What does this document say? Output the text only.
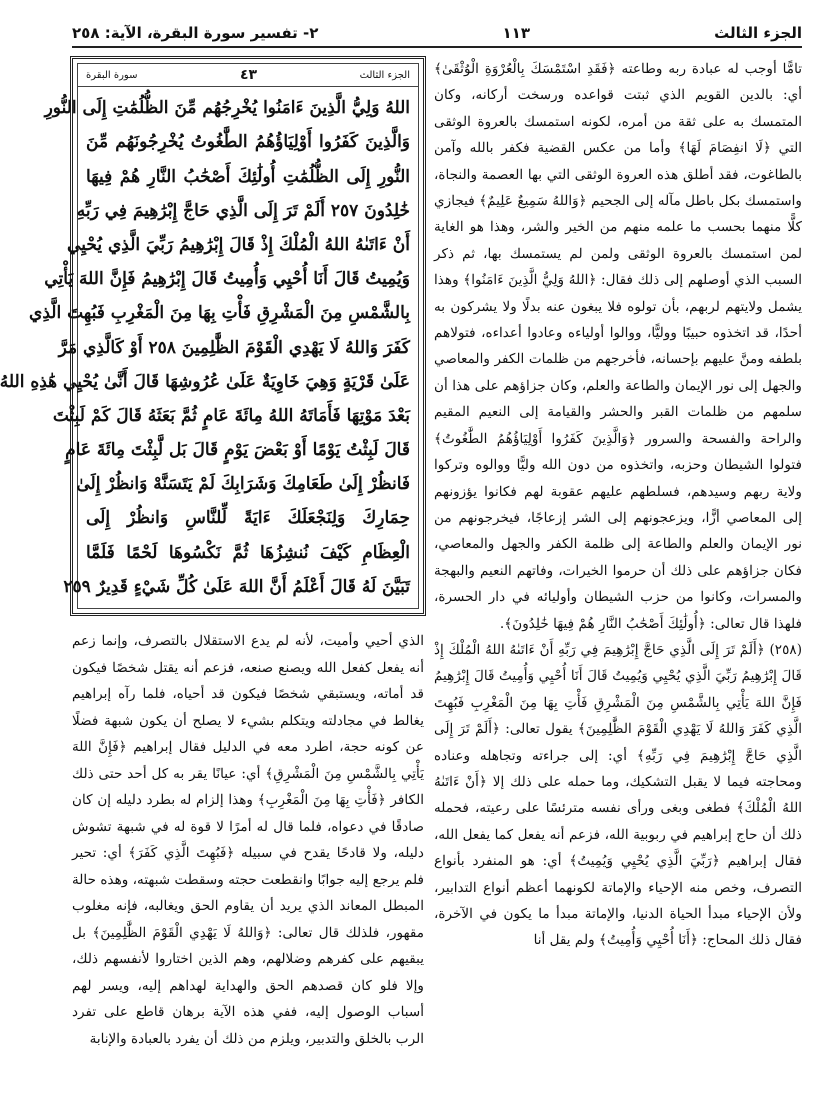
الجزء الثالث
١١٣
٢- تفسير سورة البقرة، الآية: ٢٥٨

تامًّا أوجب له عبادة ربه وطاعته ﴿فَقَدِ اسْتَمْسَكَ بِالْعُرْوَةِ الْوُثْقَىٰ﴾ أي: بالدين القويم الذي ثبتت قواعده ورسخت أركانه، وكان المتمسك به على ثقة من أمره، لكونه استمسك بالعروة الوثقى التي ﴿لَا انفِصَامَ لَهَا﴾ وأما من عكس القضية فكفر بالله وآمن بالطاغوت، فقد أطلق هذه العروة الوثقى التي بها العصمة والنجاة، واستمسك بكل باطل مآله إلى الجحيم ﴿وَاللهُ سَمِيعٌ عَلِيمٌ﴾ فيجازي كلًّا منهما بحسب ما علمه منهم من الخير والشر، وهذا هو الغاية لمن استمسك بالعروة الوثقى ولمن لم يستمسك بها، ثم ذكر السبب الذي أوصلهم إلى ذلك فقال: ﴿اللهُ وَلِيُّ الَّذِينَ ءَامَنُوا﴾ وهذا يشمل ولايتهم لربهم، بأن تولوه فلا يبغون عنه بدلًا ولا يشركون به أحدًا، قد اتخذوه حبيبًا ووليًّا، ووالوا أولياءه وعادوا أعداءه، فتولاهم بلطفه ومنَّ عليهم بإحسانه، فأخرجهم من ظلمات الكفر والمعاصي والجهل إلى نور الإيمان والطاعة والعلم، وكان جزاؤهم على هذا أن سلمهم من ظلمات القبر والحشر والقيامة إلى النعيم المقيم والراحة والفسحة والسرور ﴿وَالَّذِينَ كَفَرُوا أَوْلِيَاؤُهُمُ الطَّٰغُوتُ﴾ فتولوا الشيطان وحزبه، واتخذوه من دون الله وليًّا ووالوه وتركوا ولاية ربهم وسيدهم، فسلطهم عليهم عقوبة لهم فكانوا يؤزونهم إلى المعاصي أزًّا، ويزعجونهم إلى الشر إزعاجًا، فيخرجونهم من نور الإيمان والعلم والطاعة إلى ظلمة الكفر والجهل والمعاصي، فكان جزاؤهم على ذلك أن حرموا الخيرات، وفاتهم النعيم والبهجة والمسرات، وكانوا من حزب الشيطان وأوليائه في دار الحسرة، فلهذا قال تعالى: ﴿أُولَٰئِكَ أَصْحَٰبُ النَّارِ هُمْ فِيهَا خَٰلِدُونَ﴾.

(٢٥٨) ﴿أَلَمْ تَرَ إِلَى الَّذِي حَاجَّ إِبْرَٰهِيمَ فِي رَبِّهِ أَنْ ءَاتَىٰهُ اللهُ الْمُلْكَ إِذْ قَالَ إِبْرَٰهِيمُ رَبِّيَ الَّذِي يُحْيِي وَيُمِيتُ قَالَ أَنَا أُحْيِي وَأُمِيتُ قَالَ إِبْرَٰهِيمُ فَإِنَّ اللهَ يَأْتِي بِالشَّمْسِ مِنَ الْمَشْرِقِ فَأْتِ بِهَا مِنَ الْمَغْرِبِ فَبُهِتَ الَّذِي كَفَرَ وَاللهُ لَا يَهْدِي الْقَوْمَ الظَّٰلِمِينَ﴾ يقول تعالى: ﴿أَلَمْ تَرَ إِلَى الَّذِي حَاجَّ إِبْرَٰهِيمَ فِي رَبِّهِ﴾ أي: إلى جراءته وتجاهله وعناده ومحاجته فيما لا يقبل التشكيك، وما حمله على ذلك إلا ﴿أَنْ ءَاتَىٰهُ اللهُ الْمُلْكَ﴾ فطغى وبغى ورأى نفسه مترئسًا على رعيته، فحمله ذلك أن حاج إبراهيم في ربوبية الله، فزعم أنه يفعل كما يفعل الله، فقال إبراهيم ﴿رَبِّيَ الَّذِي يُحْيِي وَيُمِيتُ﴾ أي: هو المنفرد بأنواع التصرف، وخص منه الإحياء والإماتة لكونهما أعظم أنواع التدابير، ولأن الإحياء مبدأ الحياة الدنيا، والإماتة مبدأ ما يكون في الآخرة، فقال ذلك المحاج: ﴿أَنَا أُحْيِي وَأُمِيتُ﴾ ولم يقل أنا

الجزء الثالث
٤٣
سورة البقرة
اللهُ وَلِيُّ الَّذِينَ ءَامَنُوا يُخْرِجُهُم مِّنَ الظُّلُمَٰتِ إِلَى النُّورِ
وَالَّذِينَ كَفَرُوا أَوْلِيَاؤُهُمُ الطَّٰغُوتُ يُخْرِجُونَهُم مِّنَ
النُّورِ إِلَى الظُّلُمَٰتِ أُولَٰئِكَ أَصْحَٰبُ النَّارِ هُمْ فِيهَا
خَٰلِدُونَ ٢٥٧ أَلَمْ تَرَ إِلَى الَّذِي حَاجَّ إِبْرَٰهِيمَ فِي رَبِّهِ
أَنْ ءَاتَىٰهُ اللهُ الْمُلْكَ إِذْ قَالَ إِبْرَٰهِيمُ رَبِّيَ الَّذِي يُحْيِي
وَيُمِيتُ قَالَ أَنَا أُحْيِي وَأُمِيتُ قَالَ إِبْرَٰهِيمُ فَإِنَّ اللهَ يَأْتِي
بِالشَّمْسِ مِنَ الْمَشْرِقِ فَأْتِ بِهَا مِنَ الْمَغْرِبِ فَبُهِتَ الَّذِي
كَفَرَ وَاللهُ لَا يَهْدِي الْقَوْمَ الظَّٰلِمِينَ ٢٥٨ أَوْ كَالَّذِي مَرَّ
عَلَىٰ قَرْيَةٍ وَهِيَ خَاوِيَةٌ عَلَىٰ عُرُوشِهَا قَالَ أَنَّىٰ يُحْيِي هَٰذِهِ اللهُ
بَعْدَ مَوْتِهَا فَأَمَاتَهُ اللهُ مِائَةَ عَامٍ ثُمَّ بَعَثَهُ قَالَ كَمْ لَبِثْتَ
قَالَ لَبِثْتُ يَوْمًا أَوْ بَعْضَ يَوْمٍ قَالَ بَل لَّبِثْتَ مِائَةَ عَامٍ
فَانظُرْ إِلَىٰ طَعَامِكَ وَشَرَابِكَ لَمْ يَتَسَنَّهْ وَانظُرْ إِلَىٰ
حِمَارِكَ وَلِنَجْعَلَكَ ءَايَةً لِّلنَّاسِ وَانظُرْ إِلَى
الْعِظَامِ كَيْفَ نُنشِزُهَا ثُمَّ نَكْسُوهَا لَحْمًا فَلَمَّا
تَبَيَّنَ لَهُ قَالَ أَعْلَمُ أَنَّ اللهَ عَلَىٰ كُلِّ شَيْءٍ قَدِيرٌ ٢٥٩

الذي أحيي وأميت، لأنه لم يدع الاستقلال بالتصرف، وإنما زعم أنه يفعل كفعل الله ويصنع صنعه، فزعم أنه يقتل شخصًا فيكون قد أماته، ويستبقي شخصًا فيكون قد أحياه، فلما رآه إبراهيم يغالط في مجادلته ويتكلم بشيء لا يصلح أن يكون شبهة فضلًا عن كونه حجة، اطرد معه في الدليل فقال إبراهيم ﴿فَإِنَّ اللهَ يَأْتِي بِالشَّمْسِ مِنَ الْمَشْرِقِ﴾ أي: عيانًا يقر به كل أحد حتى ذلك الكافر ﴿فَأْتِ بِهَا مِنَ الْمَغْرِبِ﴾ وهذا إلزام له بطرد دليله إن كان صادقًا في دعواه، فلما قال له أمرًا لا قوة له في شبهة تشوش دليله، ولا قادحًا يقدح في سبيله ﴿فَبُهِتَ الَّذِي كَفَرَ﴾ أي: تحير فلم يرجع إليه جوابًا وانقطعت حجته وسقطت شبهته، وهذه حالة المبطل المعاند الذي يريد أن يقاوم الحق ويغالبه، فإنه مغلوب مقهور، فلذلك قال تعالى: ﴿وَاللهُ لَا يَهْدِي الْقَوْمَ الظَّٰلِمِينَ﴾ بل يبقيهم على كفرهم وضلالهم، وهم الذين اختاروا لأنفسهم ذلك، وإلا فلو كان قصدهم الحق والهداية لهداهم إليه، ويسر لهم أسباب الوصول إليه، ففي هذه الآية برهان قاطع على تفرد الرب بالخلق والتدبير، ويلزم من ذلك أن يفرد بالعبادة والإنابة
